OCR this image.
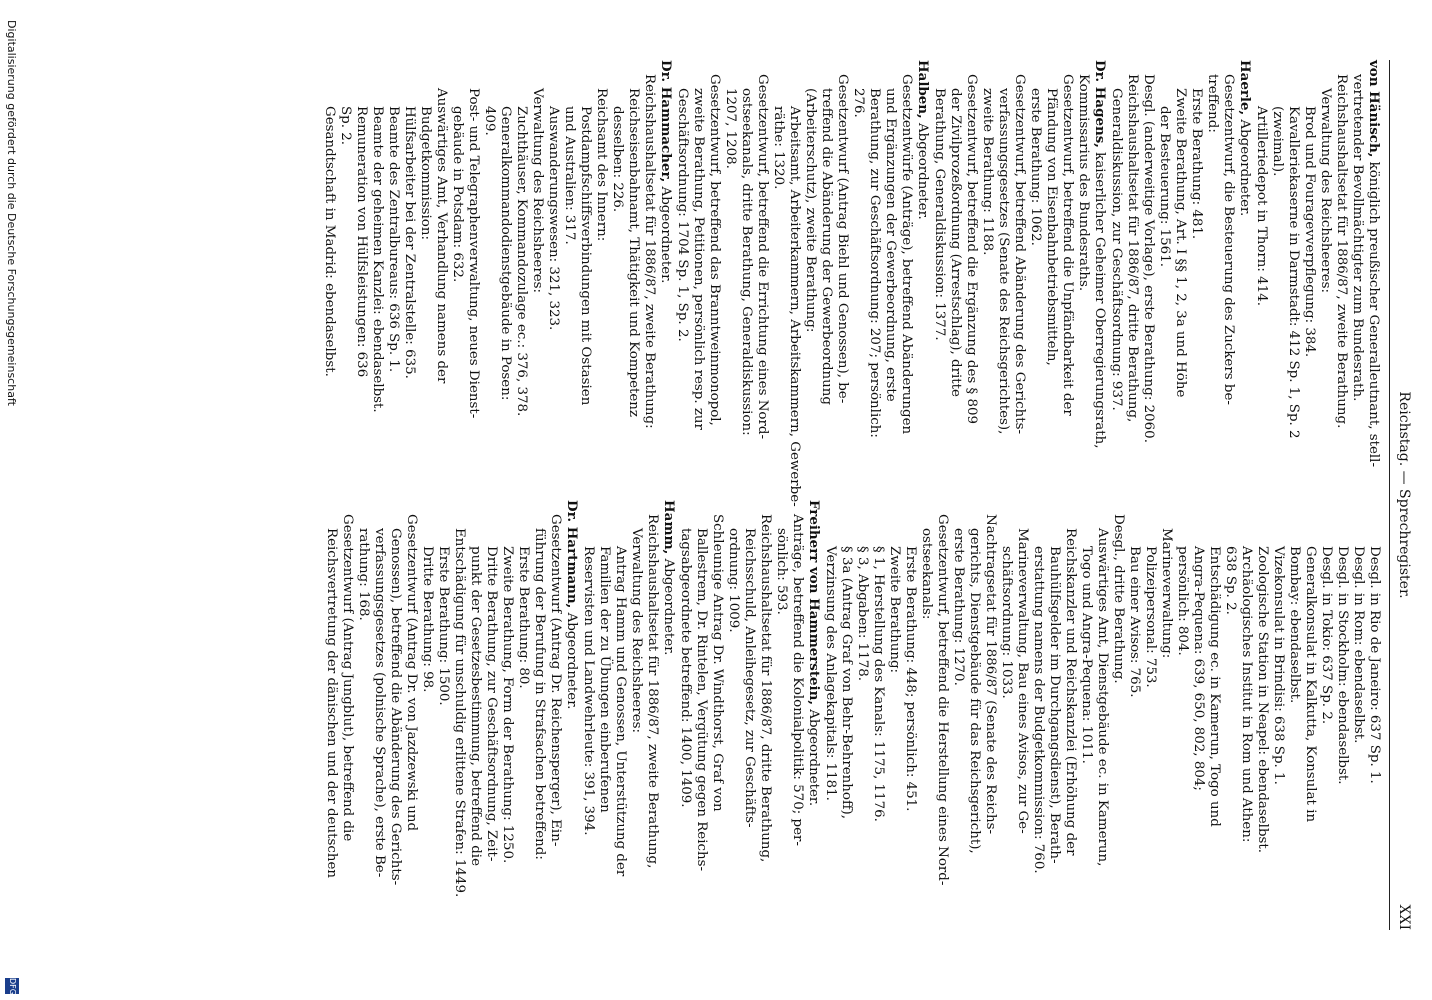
Reichstag. — Sprechregister.
XXI

von Hänisch, königlich preußischer Generalleutnant, stell-

vertretender Bevollmächtigter zum Bundesrath.

Reichshaushaltsetat für 1886/87, zweite Berathung.

Verwaltung des Reichsheeres:

Brod und Fouragevverpflegung: 384.

Kavalleriekaserne in Darmstadt: 412 Sp. 1, Sp. 2

(zweimal).

Artilleriedepot in Thorn: 414.

Haerle, Abgeordneter.

Gesetzentwurf, die Besteuerung des Zuckers be-

treffend:

Erste Berathung: 481.

Zweite Berathung, Art. I §§ 1, 2, 3a und Höhe

der Besteuerung: 1561.

Desgl. (anderweitige Vorlage), erste Berathung: 2060.

Reichshaushaltsetat für 1886/87, dritte Berathung,

Generaldiskussion, zur Geschäftsordnung: 937.

Dr. Hagens, kaiserlicher Geheimer Oberregierungsrath,

Kommissarius des Bundesraths.

Gesetzentwurf, betreffend die Unpfändbarkeit der

Pfändung von Eisenbahnbetriebsmitteln,

erste Berathung: 1062.

Gesetzentwurf, betreffend Abänderung des Gerichts-

verfassungsgesetzes (Senate des Reichsgerichtes),

zweite Berathung: 1188.

Gesetzentwurf, betreffend die Ergänzung des § 809

der Zivilprozeßordnung (Arrestschlag), dritte

Berathung, Generaldiskussion: 1377.

Halben, Abgeordneter.

Gesetzentwürfe (Anträge), betreffend Abänderungen

und Ergänzungen der Gewerbeordnung, erste

Berathung, zur Geschäftsordnung: 207; persönlich:

276.

Gesetzentwurf (Antrag Biehl und Genossen), be-

treffend die Abänderung der Gewerbeordnung

(Arbeiterschutz), zweite Berathung:

Arbeitsamt, Arbeiterkammern, Arbeitskammern, Gewerbe-

räthe: 1320.

Gesetzentwurf, betreffend die Errichtung eines Nord-

ostseekanals, dritte Berathung, Generaldiskussion:

1207, 1208.

Gesetzentwurf, betreffend das Branntweinmonopol,

zweite Berathung, Petitionen, persönlich resp. zur

Geschäftsordnung: 1704 Sp. 1, Sp. 2.

Dr. Hammacher, Abgeordneter.

Reichshaushaltsetat für 1886/87, zweite Berathung:

Reichseisenbahnamt, Thätigkeit und Kompetenz

desselben: 226.

Reichsamt des Innern:

Postdampfschiffsverbindungen mit Ostasien

und Australien: 317.

Auswanderungswesen: 321, 323.

Verwaltung des Reichsheeres:

Zuchthäuser, Kommandozulage ec.: 376, 378.

Generalkommandodienstgebäude in Posen:

409.

Post- und Telegraphenverwaltung, neues Dienst-

gebäude in Potsdam: 632.

Auswärtiges Amt, Verhandlung namens der

Budgetkommission:

Hülfsarbeiter bei der Zentralstelle: 635.

Beamte des Zentralbureaus: 636 Sp. 1.

Beamte der geheimen Kanzlei: ebendaselbst.

Remuneration von Hülfsleistungen: 636

Sp. 2.

Gesandtschaft in Madrid: ebendaselbst.

Desgl. in Rio de Janeiro: 637 Sp. 1.

Desgl. in Rom: ebendaselbst.

Desgl. in Stockholm: ebendaselbst.

Desgl. in Tokio: 637 Sp. 2.

Generalkonsulat in Kalkutta, Konsulat in

Bombay: ebendaselbst.

Vizekonsulat in Brindisi: 638 Sp. 1.

Zoologische Station in Neapel: ebendaselbst.

Archäologisches Institut in Rom und Athen:

638 Sp. 2.

Entschädigung ec. in Kamerun, Togo und

Angra-Pequena: 639, 650, 802, 804;

persönlich: 804.

Marineverwaltung:

Polizeipersonal: 753.

Bau einer Avisos: 765.

Desgl., dritte Berathung.

Auswärtiges Amt, Dienstgebäude ec. in Kamerun,

Togo und Angra-Pequena: 1011.

Reichskanzler und Reichskanzlei (Erhöhung der

Bauhülfsgelder im Durchgangsdienst), Berath-

erstattung namens der Budgetkommission: 760.

Marineverwaltung, Bau eines Avisos, zur Ge-

schäftsordnung: 1033.

Nachtragsetat für 1886/87 (Senate des Reichs-

gerichts, Dienstgebäude für das Reichsgericht),

erste Berathung: 1270.

Gesetzentwurf, betreffend die Herstellung eines Nord-

ostseekanals:

Erste Berathung: 448; persönlich: 451.

Zweite Berathung:

§ 1, Herstellung des Kanals: 1175, 1176.

§ 3, Abgaben: 1178.

§ 3a (Antrag Graf von Behr-Behrenhoff),

Verzinsung des Anlagekapitals: 1181.

Freiherr von Hammerstein, Abgeordneter.

Anträge, betreffend die Kolonialpolitik: 570; per-

sönlich: 593.

Reichshaushaltsetat für 1886/87, dritte Berathung,

Reichsschuld, Anleihegesetz, zur Geschäfts-

ordnung: 1009.

Schleunige Antrag Dr. Windthorst, Graf von

Ballestrem, Dr. Rintelen, Vergütung gegen Reichs-

tagsabgeordnete betreffend: 1400, 1409.

Hamm, Abgeordneter.

Reichshaushaltsetat für 1886/87, zweite Berathung,

Verwaltung des Reichsheeres:

Antrag Hamm und Genossen, Unterstützung der

Familien der zu Übungen einberufenen

Reservisten und Landwehrleute: 391, 394.

Dr. Hartmann, Abgeordneter.

Gesetzentwurf (Antrag Dr. Reichensperger), Ein-

führung der Berufung in Strafsachen betreffend:

Erste Berathung: 80.

Zweite Berathung, Form der Berathung: 1250.

Dritte Berathung, zur Geschäftsordnung, Zeit-

punkt der Gesetzesbestimmung, betreffend die

Entschädigung für unschuldig erlittene Strafen: 1449.

Erste Berathung: 1500.

Dritte Berathung: 98.

Gesetzentwurf (Antrag Dr. von Jazdzewski und

Genossen), betreffend die Abänderung des Gerichts-

verfassungsgesetzes (polnische Sprache), erste Be-

rathung: 168.

Gesetzentwurf (Antrag Jungblut), betreffend die

Reichsvertretung der dänischen und der deutschen

Digitalisierung gefördert durch die Deutsche Forschungsgemeinschaft
DFG
